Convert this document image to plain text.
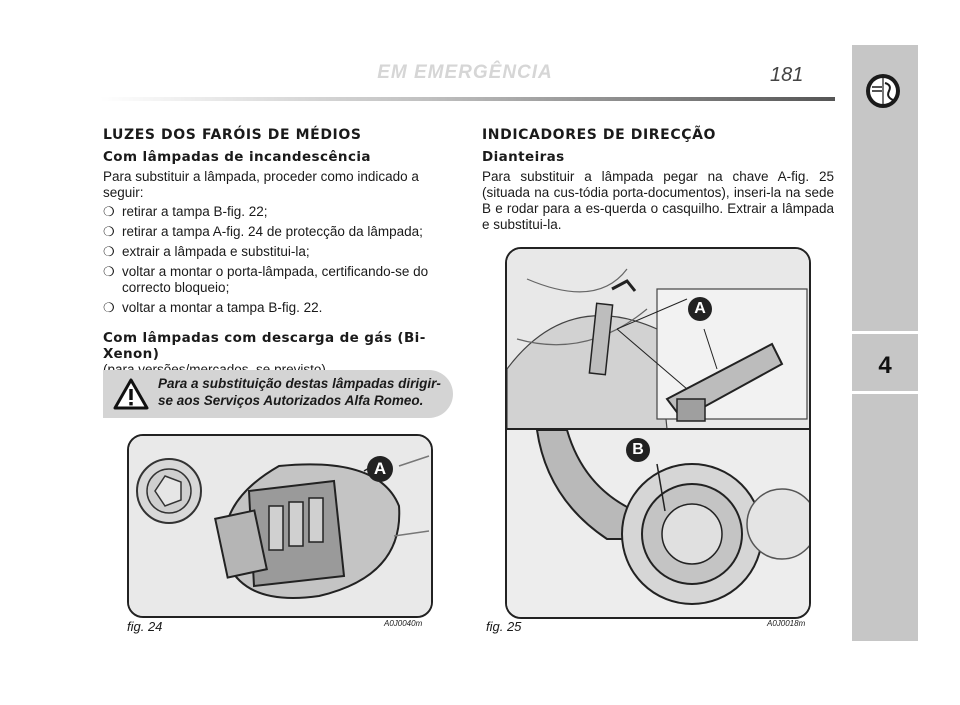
EM EMERGÊNCIA	181
4
LUZES DOS FARÓIS DE MÉDIOS
Com lâmpadas de incandescência

Para substituir a lâmpada, proceder como indicado a seguir:

❍ retirar a tampa B-fig. 22;

❍ retirar a tampa A-fig. 24 de protecção da lâmpada;

❍ extrair a lâmpada e substitui-la;

❍ voltar a montar o porta-lâmpada, certificando-se do correcto bloqueio;

❍ voltar a montar a tampa B-fig. 22.

Com lâmpadas com descarga de gás (Bi-Xenon)

Para a substituição destas lâmpadas dirigir-se aos Serviços Autorizados Alfa Romeo.
A
fig. 24	A0J0040m
INDICADORES DE DIRECÇÃO
Dianteiras

Para substituir a lâmpada pegar na chave A-fig. 25 (situada na cus-tódia porta-documentos), inseri-la na sede B e rodar para a es-querda o casquilho. Extrair a lâmpada e substitui-la.

A
B
fig. 25	A0J0018m
